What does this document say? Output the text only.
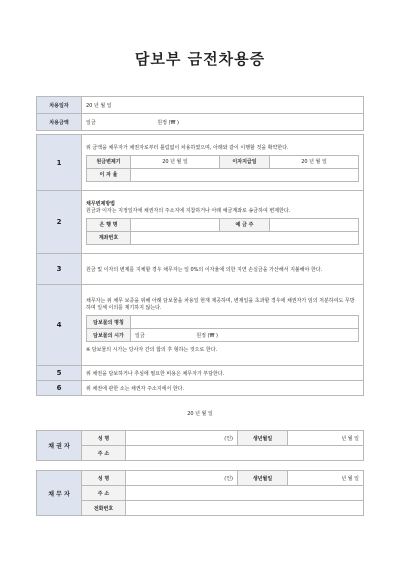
담보부 금전차용증
차용일자	20 년 월 일
차용금액	일금 원정 (₩ )
1	
위 금액을 채무자가 채권자로부터 틀림없이 차용하였으며, 아래와 같이 이행할 것을 확약한다.
원금변제기	20 년 월 일	이자지급일	20 년 월 일
이 자 율	

2	
채무변제방법
원금과 이자는 지정일자에 채권자의 주소지에 지참하거나 아래 예금계좌로 송금하여 변제한다.
은 행 명		예 금 주	
계좌번호	

3	원금 및 이자의 변제를 지체할 경우 채무자는 일 0%의 이자율에 의한 지연 손실금을 가산해서 지불해야 한다.
4	
채무자는 위 채무 보증을 위해 아래 담보물을 차용일 현재 제공하며, 변제일을 초과할 경우에 채권자가 임의 처분하여도 무방하며 일체 이의를 제기하지 않는다.
담보물의 명칭	
담보물의 시가	일금	원정 (₩ )
※ 담보물의 시가는 당사자 간의 합의 후 형하는 것으로 한다.

5	위 채권을 담보하거나 추심에 필요한 비용은 채무자가 부담한다.
6	위 채권에 관한 소는 채권자 주소지에서 한다.
20 년 월 일
채 권 자	성 명	(인)	생년월일	년 월 일
	주 소			
채 무 자	성 명	(인)	생년월일	년 월 일
	주 소			
	전화번호			
